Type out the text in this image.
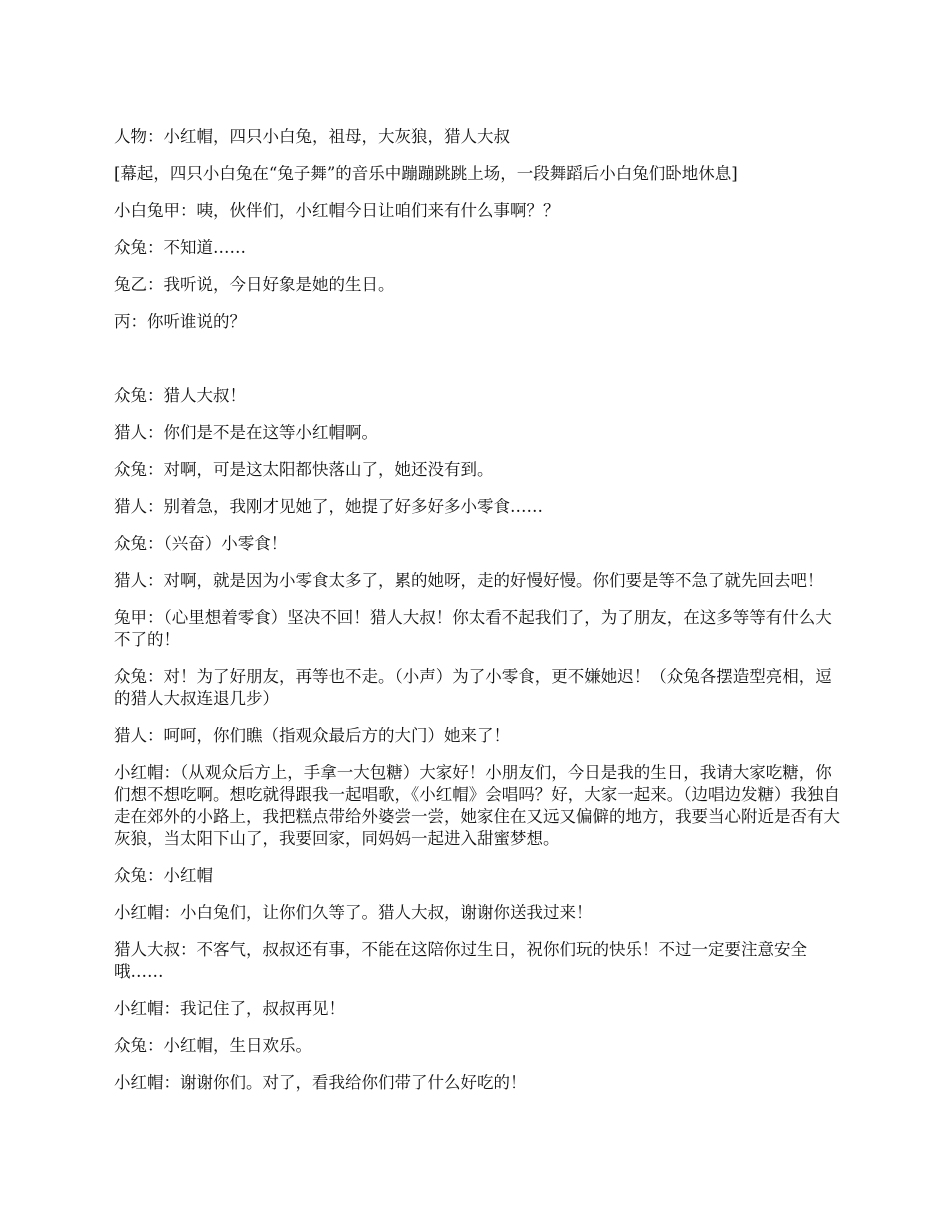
人物：小红帽，四只小白兔，祖母，大灰狼，猎人大叔

[幕起，四只小白兔在“兔子舞”的音乐中蹦蹦跳跳上场，一段舞蹈后小白兔们卧地休息]

小白兔甲：咦，伙伴们，小红帽今日让咱们来有什么事啊？？

众兔：不知道……

兔乙：我听说，今日好象是她的生日。

丙：你听谁说的？

众兔：猎人大叔！

猎人：你们是不是在这等小红帽啊。

众兔：对啊，可是这太阳都快落山了，她还没有到。

猎人：别着急，我刚才见她了，她提了好多好多小零食……

众兔：（兴奋）小零食！

猎人：对啊，就是因为小零食太多了，累的她呀，走的好慢好慢。你们要是等不急了就先回去吧！

兔甲：（心里想着零食）坚决不回！猎人大叔！你太看不起我们了，为了朋友，在这多等等有什么大不了的！

众兔：对！为了好朋友，再等也不走。（小声）为了小零食，更不嫌她迟！（众兔各摆造型亮相，逗的猎人大叔连退几步）

猎人：呵呵，你们瞧（指观众最后方的大门）她来了！

小红帽：（从观众后方上，手拿一大包糖）大家好！小朋友们，今日是我的生日，我请大家吃糖，你们想不想吃啊。想吃就得跟我一起唱歌，《小红帽》会唱吗？好，大家一起来。（边唱边发糖）我独自走在郊外的小路上，我把糕点带给外婆尝一尝，她家住在又远又偏僻的地方，我要当心附近是否有大灰狼，当太阳下山了，我要回家，同妈妈一起进入甜蜜梦想。

众兔：小红帽

小红帽：小白兔们，让你们久等了。猎人大叔，谢谢你送我过来！

猎人大叔：不客气，叔叔还有事，不能在这陪你过生日，祝你们玩的快乐！不过一定要注意安全哦……

小红帽：我记住了，叔叔再见！

众兔：小红帽，生日欢乐。

小红帽：谢谢你们。对了，看我给你们带了什么好吃的！
